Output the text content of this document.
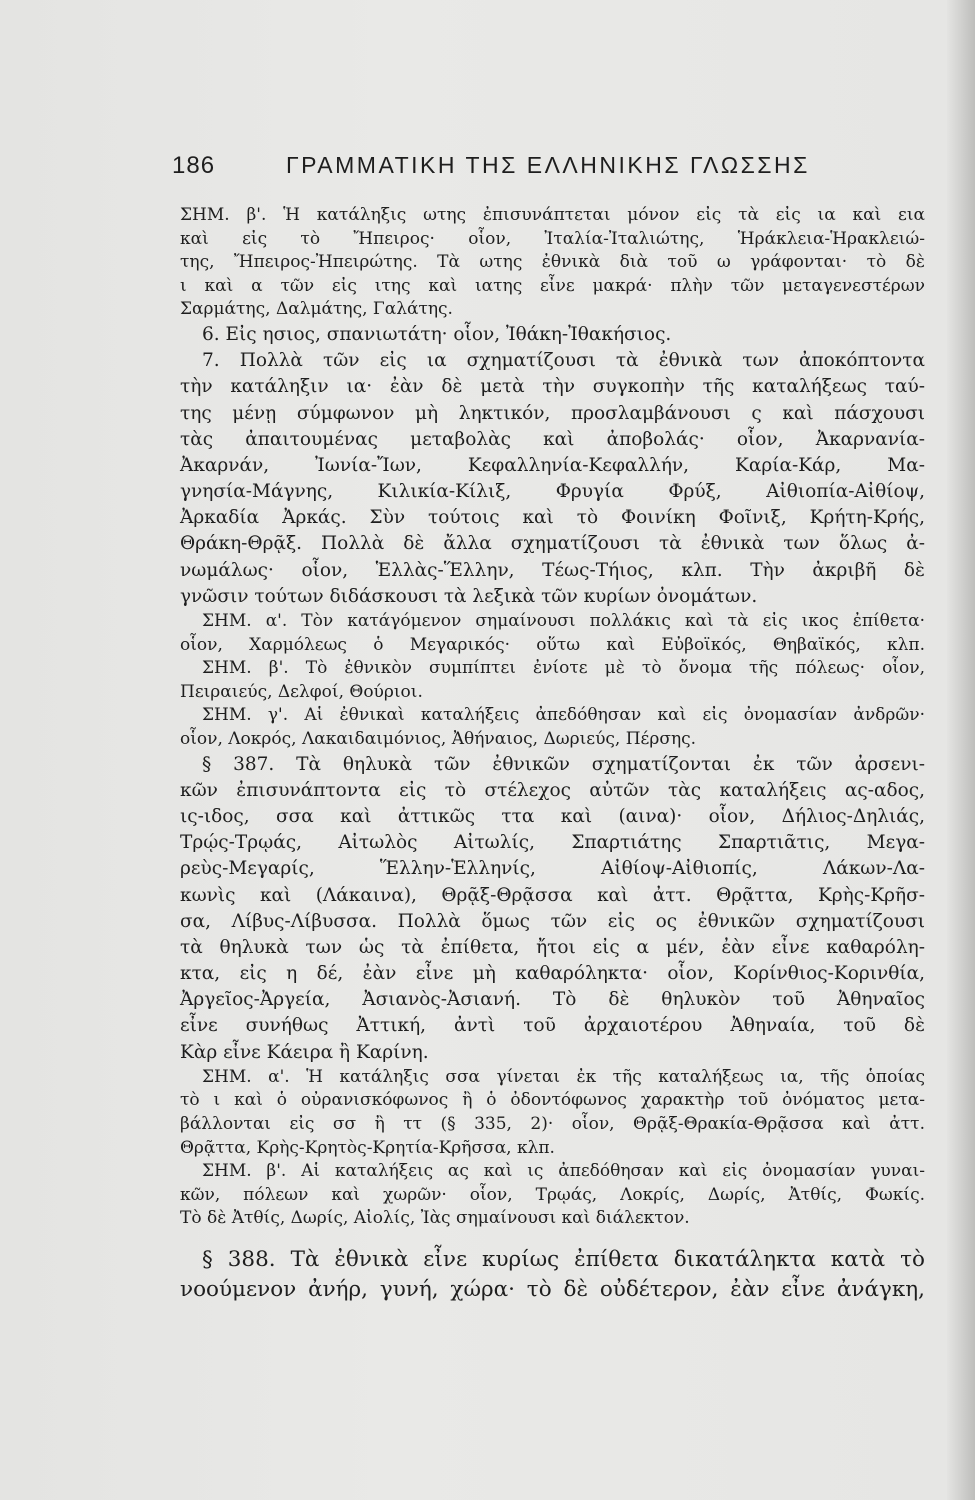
186	ΓΡΑΜΜΑΤΙΚΗ ΤΗΣ ΕΛΛΗΝΙΚΗΣ ΓΛΩΣΣΗΣ
ΣΗΜ. β'. Ἡ κατάληξις ωτης ἐπισυνάπτεται μόνον εἰς τὰ εἰς ια καὶ εια
καὶ εἰς τὸ Ἤπειρος· οἷον, Ἰταλία-Ἰταλιώτης, Ἡράκλεια-Ἡρακλειώ-
της, Ἤπειρος-Ἠπειρώτης. Τὰ ωτης ἐθνικὰ διὰ τοῦ ω γράφονται· τὸ δὲ
ι καὶ α τῶν εἰς ιτης καὶ ιατης εἶνε μακρά· πλὴν τῶν μεταγενεστέρων
Σαρμάτης, Δαλμάτης, Γαλάτης.
6. Εἰς ησιος, σπανιωτάτη· οἷον, Ἰθάκη-Ἰθακήσιος.
7. Πολλὰ τῶν εἰς ια σχηματίζουσι τὰ ἐθνικὰ των ἀποκόπτοντα
τὴν κατάληξιν ια· ἐὰν δὲ μετὰ τὴν συγκοπὴν τῆς καταλήξεως ταύ-
της μένῃ σύμφωνον μὴ ληκτικόν, προσλαμβάνουσι ς καὶ πάσχουσι
τὰς ἀπαιτουμένας μεταβολὰς καὶ ἀποβολάς· οἷον, Ἀκαρνανία-
Ἀκαρνάν, Ἰωνία-Ἴων, Κεφαλληνία-Κεφαλλήν, Καρία-Κάρ, Μα-
γνησία-Μάγνης, Κιλικία-Κίλιξ, Φρυγία Φρύξ, Αἰθιοπία-Αἰθίοψ,
Ἀρκαδία Ἀρκάς. Σὺν τούτοις καὶ τὸ Φοινίκη Φοῖνιξ, Κρήτη-Κρής,
Θράκη-Θρᾷξ. Πολλὰ δὲ ἄλλα σχηματίζουσι τὰ ἐθνικὰ των ὅλως ἀ-
νωμάλως· οἷον, Ἑλλὰς-Ἕλλην, Τέως-Τήιος, κλπ. Τὴν ἀκριβῆ δὲ
γνῶσιν τούτων διδάσκουσι τὰ λεξικὰ τῶν κυρίων ὀνομάτων.
ΣΗΜ. α'. Τὸν κατάγόμενον σημαίνουσι πολλάκις καὶ τὰ εἰς ικος ἐπίθετα·
οἷον, Χαρμόλεως ὁ Μεγαρικός· οὕτω καὶ Εὐβοϊκός, Θηβαϊκός, κλπ.
ΣΗΜ. β'. Τὸ ἐθνικὸν συμπίπτει ἐνίοτε μὲ τὸ ὄνομα τῆς πόλεως· οἷον,
Πειραιεύς, Δελφοί, Θούριοι.
ΣΗΜ. γ'. Αἱ ἐθνικαὶ καταλήξεις ἀπεδόθησαν καὶ εἰς ὀνομασίαν ἀνδρῶν·
οἷον, Λοκρός, Λακαιδαιμόνιος, Ἀθήναιος, Δωριεύς, Πέρσης.
§ 387. Τὰ θηλυκὰ τῶν ἐθνικῶν σχηματίζονται ἐκ τῶν ἀρσενι-
κῶν ἐπισυνάπτοντα εἰς τὸ στέλεχος αὐτῶν τὰς καταλήξεις ας-αδος,
ις-ιδος, σσα καὶ ἀττικῶς ττα καὶ (αινα)· οἷον, Δήλιος-Δηλιάς,
Τρῴς-Τρῳάς, Αἰτωλὸς Αἰτωλίς, Σπαρτιάτης Σπαρτιᾶτις, Μεγα-
ρεὺς-Μεγαρίς, Ἕλλην-Ἑλληνίς, Αἰθίοψ-Αἰθιοπίς, Λάκων-Λα-
κωνὶς καὶ (Λάκαινα), Θρᾷξ-Θρᾷσσα καὶ ἀττ. Θρᾷττα, Κρὴς-Κρῆσ-
σα, Λίβυς-Λίβυσσα. Πολλὰ ὅμως τῶν εἰς ος ἐθνικῶν σχηματίζουσι
τὰ θηλυκὰ των ὡς τὰ ἐπίθετα, ἤτοι εἰς α μέν, ἐὰν εἶνε καθαρόλη-
κτα, εἰς η δέ, ἐὰν εἶνε μὴ καθαρόληκτα· οἷον, Κορίνθιος-Κορινθία,
Ἀργεῖος-Ἀργεία, Ἀσιανὸς-Ἀσιανή. Τὸ δὲ θηλυκὸν τοῦ Ἀθηναῖος
εἶνε συνήθως Ἀττική, ἀντὶ τοῦ ἀρχαιοτέρου Ἀθηναία, τοῦ δὲ
Κὰρ εἶνε Κάειρα ἢ Καρίνη.
ΣΗΜ. α'. Ἡ κατάληξις σσα γίνεται ἐκ τῆς καταλήξεως ια, τῆς ὁποίας
τὸ ι καὶ ὁ οὐρανισκόφωνος ἢ ὁ ὀδοντόφωνος χαρακτὴρ τοῦ ὀνόματος μετα-
βάλλονται εἰς σσ ἢ ττ (§ 335, 2)· οἷον, Θρᾷξ-Θρακία-Θρᾷσσα καὶ ἀττ.
Θρᾷττα, Κρὴς-Κρητὸς-Κρητία-Κρῆσσα, κλπ.
ΣΗΜ. β'. Αἱ καταλήξεις ας καὶ ις ἀπεδόθησαν καὶ εἰς ὀνομασίαν γυναι-
κῶν, πόλεων καὶ χωρῶν· οἷον, Τρῳάς, Λοκρίς, Δωρίς, Ἀτθίς, Φωκίς.
Τὸ δὲ Ἀτθίς, Δωρίς, Αἰολίς, Ἰὰς σημαίνουσι καὶ διάλεκτον.
§ 388. Τὰ ἐθνικὰ εἶνε κυρίως ἐπίθετα δικατάληκτα κατὰ τὸ
νοούμενον ἀνήρ, γυνή, χώρα· τὸ δὲ οὐδέτερον, ἐὰν εἶνε ἀνάγκη,
